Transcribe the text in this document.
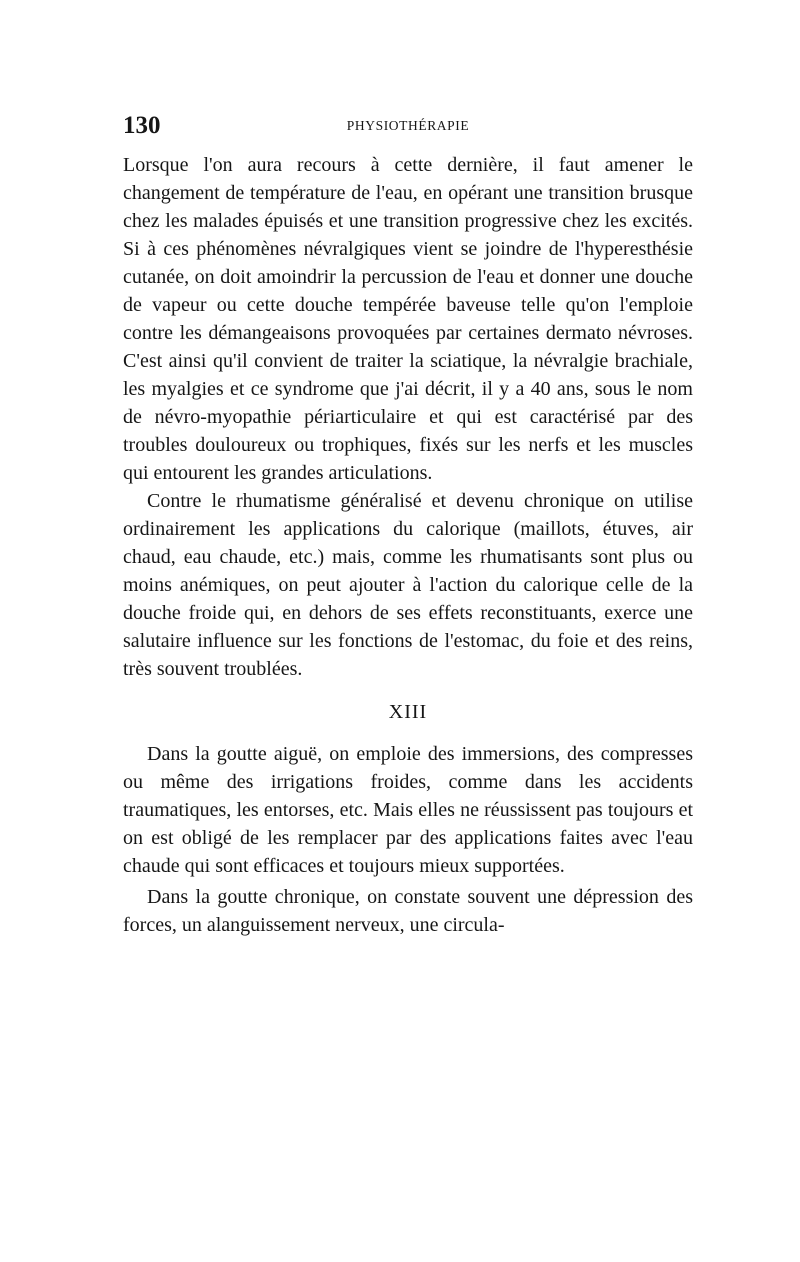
130	PHYSIOTHÉRAPIE

Lorsque l'on aura recours à cette dernière, il faut amener le changement de température de l'eau, en opérant une transition brusque chez les malades épuisés et une transition progressive chez les excités. Si à ces phénomènes névralgiques vient se joindre de l'hyperesthésie cutanée, on doit amoindrir la percussion de l'eau et donner une douche de vapeur ou cette douche tempérée baveuse telle qu'on l'emploie contre les démangeaisons provoquées par certaines dermato névroses. C'est ainsi qu'il convient de traiter la sciatique, la névralgie brachiale, les myalgies et ce syndrome que j'ai décrit, il y a 40 ans, sous le nom de névro-myopathie périarticulaire et qui est caractérisé par des troubles douloureux ou trophiques, fixés sur les nerfs et les muscles qui entourent les grandes articulations.

Contre le rhumatisme généralisé et devenu chronique on utilise ordinairement les applications du calorique (maillots, étuves, air chaud, eau chaude, etc.) mais, comme les rhumatisants sont plus ou moins anémiques, on peut ajouter à l'action du calorique celle de la douche froide qui, en dehors de ses effets reconstituants, exerce une salutaire influence sur les fonctions de l'estomac, du foie et des reins, très souvent troublées.

XIII

Dans la goutte aiguë, on emploie des immersions, des compresses ou même des irrigations froides, comme dans les accidents traumatiques, les entorses, etc. Mais elles ne réussissent pas toujours et on est obligé de les remplacer par des applications faites avec l'eau chaude qui sont efficaces et toujours mieux supportées.

Dans la goutte chronique, on constate souvent une dépression des forces, un alanguissement nerveux, une circula-
